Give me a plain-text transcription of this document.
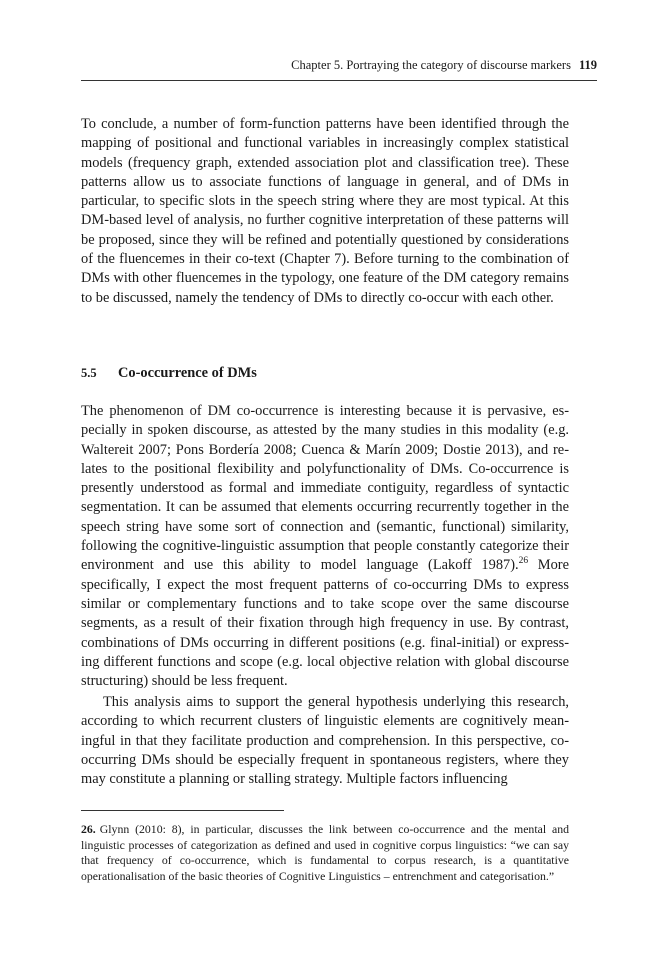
Chapter 5. Portraying the category of discourse markers 119

To conclude, a number of form-function patterns have been identified through the mapping of positional and functional variables in increasingly complex statistical models (frequency graph, extended association plot and classification tree). These patterns allow us to associate functions of language in general, and of DMs in particular, to specific slots in the speech string where they are most typical. At this DM-based level of analysis, no further cognitive interpretation of these patterns will be proposed, since they will be refined and potentially questioned by considerations of the fluencemes in their co-text (Chapter 7). Before turning to the combination of DMs with other fluencemes in the typology, one feature of the DM category remains to be discussed, namely the tendency of DMs to directly co-occur with each other.

5.5 Co-occurrence of DMs

The phenomenon of DM co-occurrence is interesting because it is pervasive, especially in spoken discourse, as attested by the many studies in this modality (e.g. Waltereit 2007; Pons Bordería 2008; Cuenca & Marín 2009; Dostie 2013), and relates to the positional flexibility and polyfunctionality of DMs. Co-occurrence is presently understood as formal and immediate contiguity, regardless of syntactic segmentation. It can be assumed that elements occurring recurrently together in the speech string have some sort of connection and (semantic, functional) similarity, following the cognitive-linguistic assumption that people constantly categorize their environment and use this ability to model language (Lakoff 1987).$^{26}$ More specifically, I expect the most frequent patterns of co-occurring DMs to express similar or complementary functions and to take scope over the same discourse segments, as a result of their fixation through high frequency in use. By contrast, combinations of DMs occurring in different positions (e.g. final-initial) or expressing different functions and scope (e.g. local objective relation with global discourse structuring) should be less frequent.

This analysis aims to support the general hypothesis underlying this research, according to which recurrent clusters of linguistic elements are cognitively meaningful in that they facilitate production and comprehension. In this perspective, co-occurring DMs should be especially frequent in spontaneous registers, where they may constitute a planning or stalling strategy. Multiple factors influencing

26. Glynn (2010: 8), in particular, discusses the link between co-occurrence and the mental and linguistic processes of categorization as defined and used in cognitive corpus linguistics: “we can say that frequency of co-occurrence, which is fundamental to corpus research, is a quantitative operationalisation of the basic theories of Cognitive Linguistics – entrenchment and categorisation.”
